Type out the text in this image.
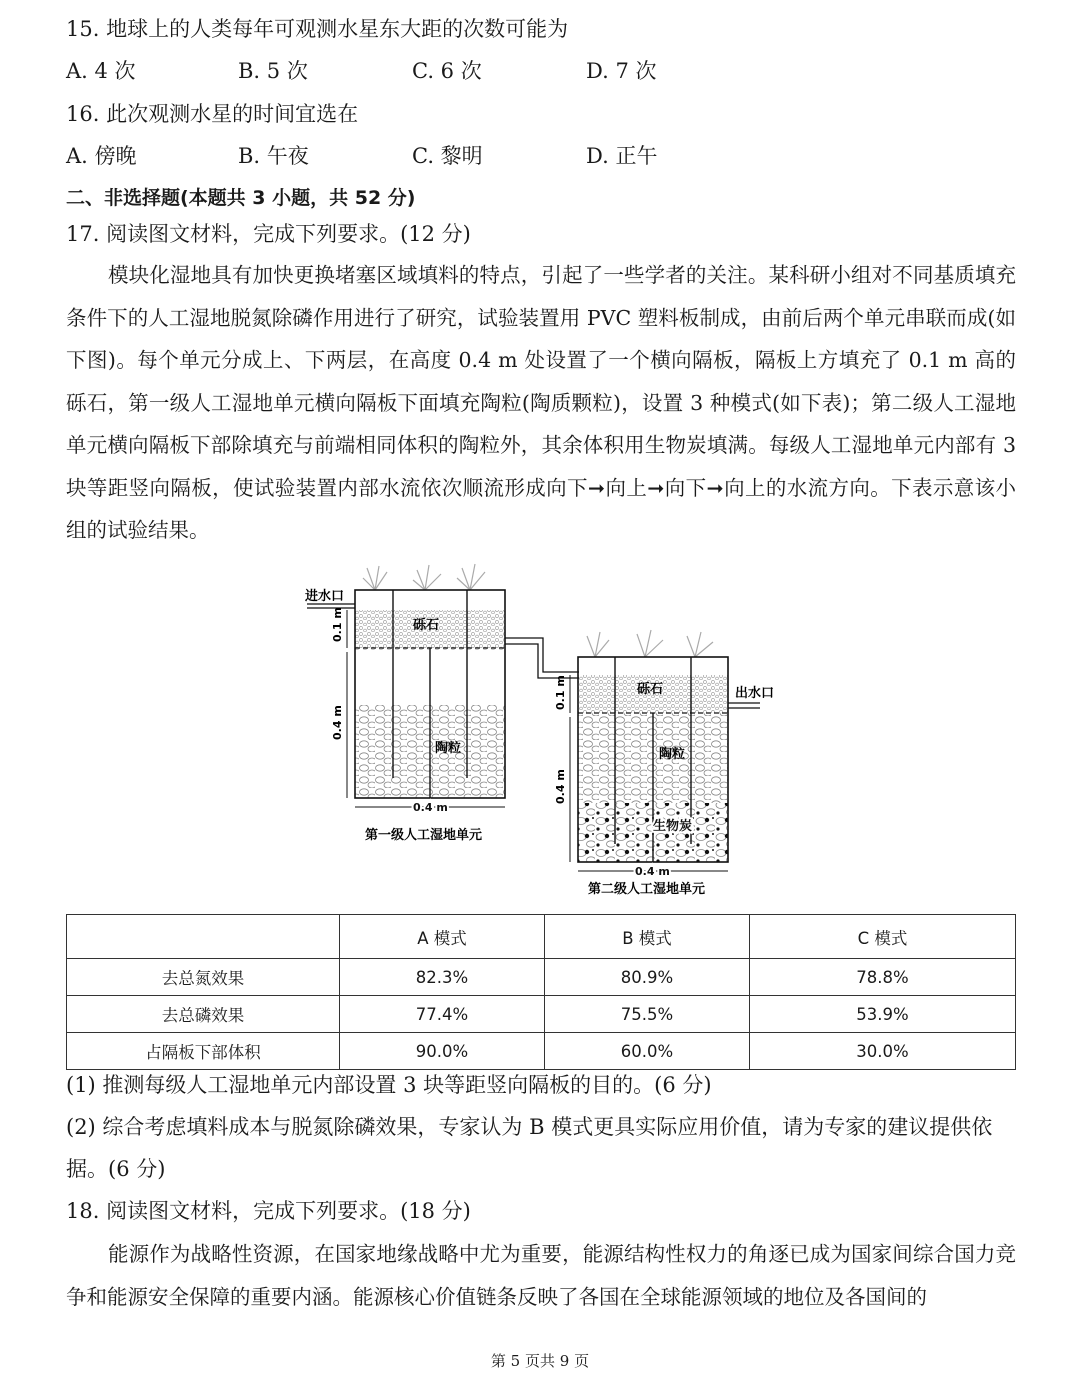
15. 地球上的人类每年可观测水星东大距的次数可能为
A. 4 次	B. 5 次	C. 6 次	D. 7 次
16. 此次观测水星的时间宜选在
A. 傍晚	B. 午夜	C. 黎明	D. 正午
二、非选择题(本题共 3 小题，共 52 分)
17. 阅读图文材料，完成下列要求。(12 分)
模块化湿地具有加快更换堵塞区域填料的特点，引起了一些学者的关注。某科研小组对不同基质填充条件下的人工湿地脱氮除磷作用进行了研究，试验装置用 PVC 塑料板制成，由前后两个单元串联而成(如下图)。每个单元分成上、下两层，在高度 0.4 m 处设置了一个横向隔板，隔板上方填充了 0.1 m 高的砾石，第一级人工湿地单元横向隔板下面填充陶粒(陶质颗粒)，设置 3 种模式(如下表)；第二级人工湿地单元横向隔板下部除填充与前端相同体积的陶粒外，其余体积用生物炭填满。每级人工湿地单元内部有 3 块等距竖向隔板，使试验装置内部水流依次顺流形成向下➞向上➞向下➞向上的水流方向。下表示意该小组的试验结果。
进水口
砾石
陶粒
0.1 m
0.4 m
0.4 m
第一级人工湿地单元
出水口
砾石
陶粒
生物炭
0.1 m
0.4 m
0.4 m
第二级人工湿地单元
	A 模式	B 模式	C 模式
去总氮效果	82.3%	80.9%	78.8%
去总磷效果	77.4%	75.5%	53.9%
占隔板下部体积	90.0%	60.0%	30.0%
(1) 推测每级人工湿地单元内部设置 3 块等距竖向隔板的目的。(6 分)
(2) 综合考虑填料成本与脱氮除磷效果，专家认为 B 模式更具实际应用价值，请为专家的建议提供依
据。(6 分)
18. 阅读图文材料，完成下列要求。(18 分)
能源作为战略性资源，在国家地缘战略中尤为重要，能源结构性权力的角逐已成为国家间综合国力竞争和能源安全保障的重要内涵。能源核心价值链条反映了各国在全球能源领域的地位及各国间的
第 5 页共 9 页
